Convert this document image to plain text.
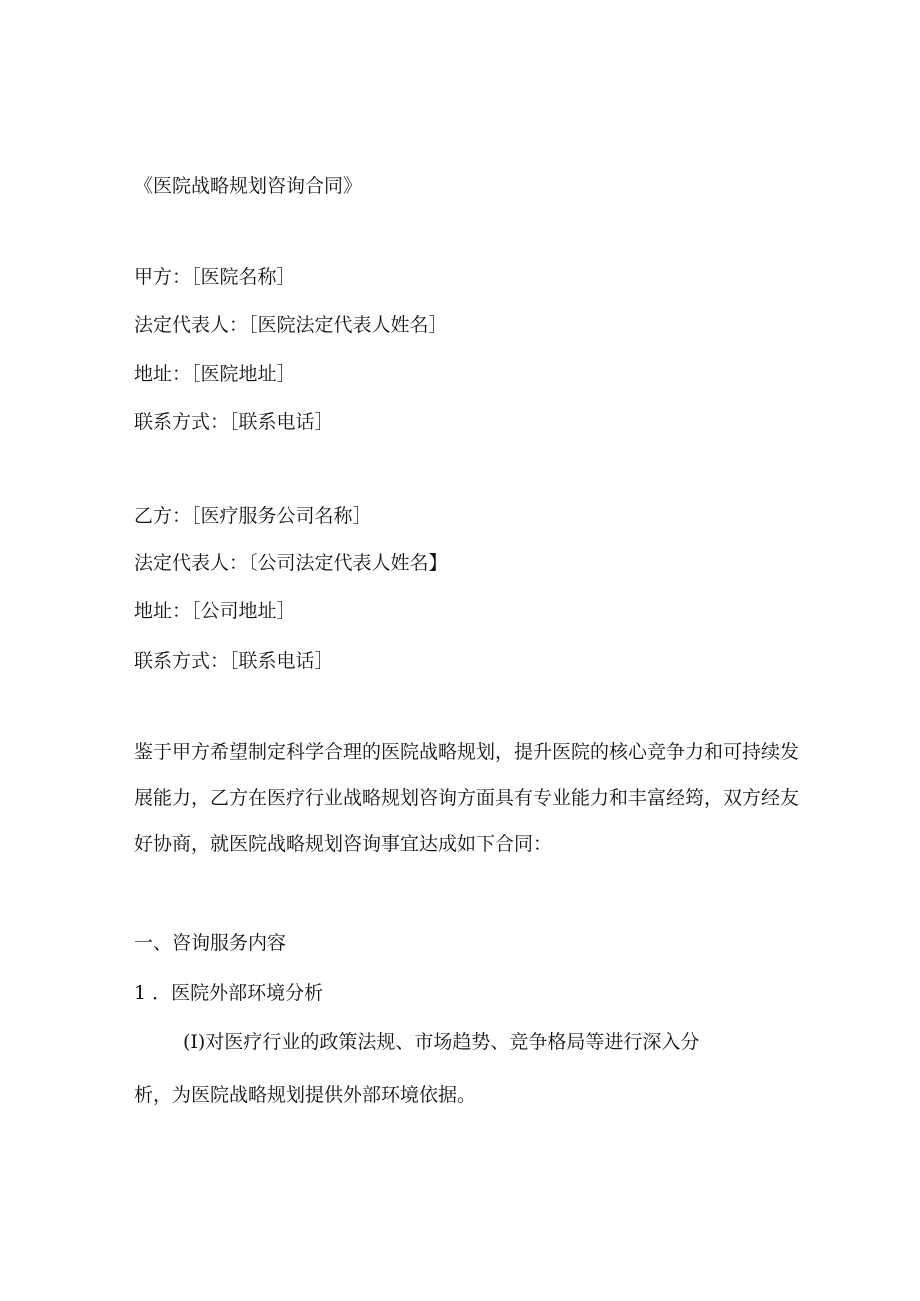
《医院战略规划咨询合同》
甲方：［医院名称］
法定代表人：［医院法定代表人姓名］
地址：［医院地址］
联系方式：［联系电话］
乙方：［医疗服务公司名称］
法定代表人：〔公司法定代表人姓名】
地址：［公司地址］
联系方式：［联系电话］
鉴于甲方希望制定科学合理的医院战略规划，提升医院的核心竞争力和可持续发
展能力，乙方在医疗行业战略规划咨询方面具有专业能力和丰富经筠，双方经友
好协商，就医院战略规划咨询事宜达成如下合同：
一、咨询服务内容
1 ．医院外部环境分析
(I)对医疗行业的政策法规、市场趋势、竞争格局等进行深入分
析，为医院战略规划提供外部环境依据。
